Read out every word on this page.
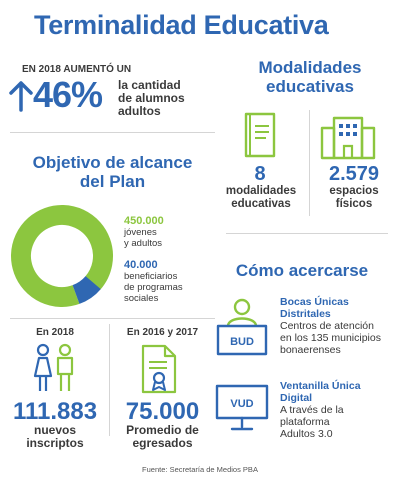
Terminalidad Educativa
EN 2018 AUMENTÓ UN
46% la cantidad
de alumnos
adultos
Objetivo de alcance
del Plan
450.000
jóvenes
y adultos
40.000
beneficiarios
de programas
sociales
En 2018	En 2016 y 2017
111.883
nuevos
inscriptos
75.000
Promedio de
egresados
Modalidades
educativas
8
modalidades
educativas
2.579
espacios
físicos
Cómo acercarse
BUD
Bocas Únicas
Distritales
Centros de atención
en los 135 municipios
bonaerenses
VUD
Ventanilla Única
Digital
A través de la
plataforma
Adultos 3.0
Fuente: Secretaría de Medios PBA
